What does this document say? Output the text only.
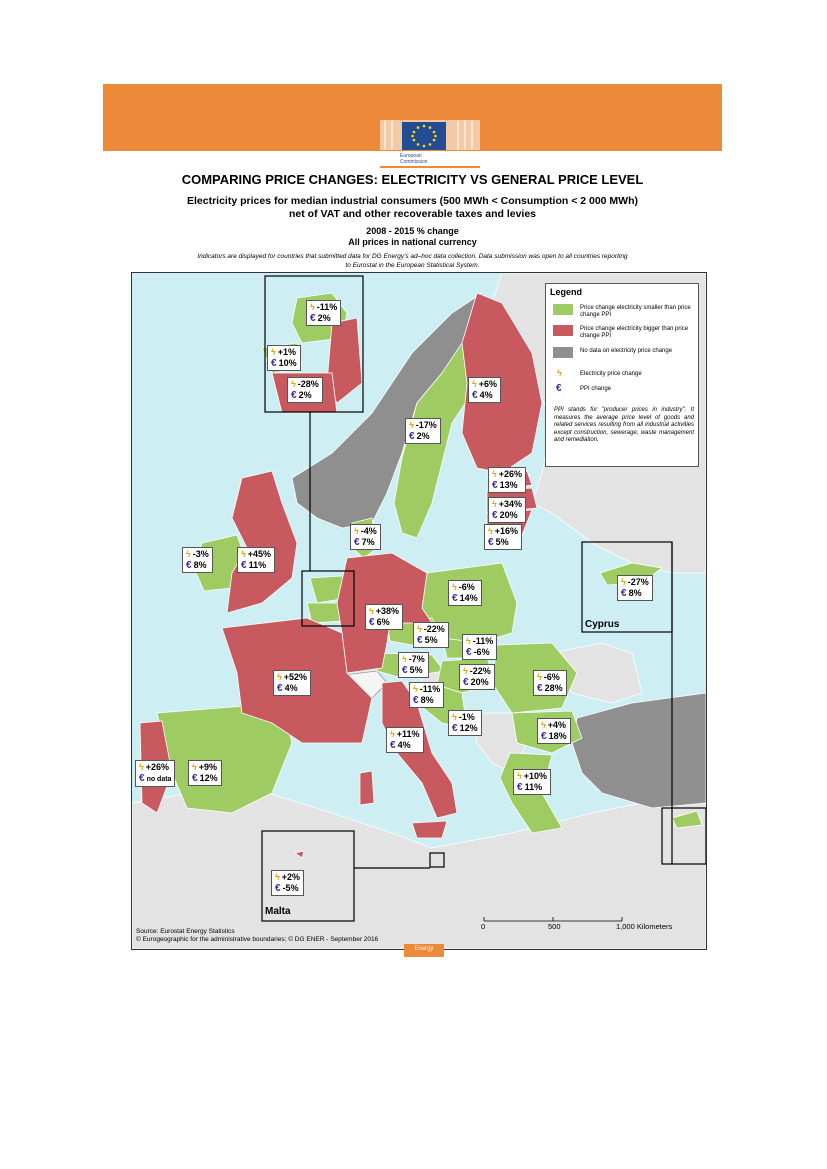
European
Commission
COMPARING PRICE CHANGES: ELECTRICITY VS GENERAL PRICE LEVEL
Electricity prices for median industrial consumers (500 MWh < Consumption < 2 000 MWh)
net of VAT and other recoverable taxes and levies
2008 - 2015 % change
All prices in national currency
Indicators are displayed for countries that submitted data for DG Energy's ad–hoc data collection. Data submission was open to all countries reporting
to Eurostat in the European Statistical System.
Legend
Price change electricity smaller than price change PPI
Price change electricity bigger than price change PPI
No data on electricity price change
ϟ	Electricity price change
€	PPI change
PPI stands for "producer prices in industry". It measures the average price level of goods and related services resulting from all industrial activities except construction, sewerage, waste management and remediation.
Cyprus
Malta
ϟ -11%
€ 2%
ϟ +1%
€ 10%
ϟ -28%
€ 2%
ϟ +6%
€ 4%
ϟ -17%
€ 2%
ϟ +26%
€ 13%
ϟ +34%
€ 20%
ϟ +16%
€ 5%
ϟ -4%
€ 7%
ϟ -3%
€ 8%
ϟ +45%
€ 11%
ϟ -6%
€ 14%
ϟ +38%
€ 6%
ϟ -22%
€ 5%	ϟ -11%
€ -6%
ϟ -7%
€ 5%	ϟ -22%
€ 20%	ϟ -6%
€ 28%
ϟ +52%
€ 4%	ϟ -11%
€ 8%
ϟ -1%
€ 12%
ϟ +11%
€ 4%
ϟ +4%
€ 18%
ϟ +26%
€ no data
ϟ +9%
€ 12%	ϟ +10%
€ 11%
ϟ -27%
€ 8%
ϟ +2%
€ -5%
0	500	1,000 Kilometers
Source: Eurostat Energy Statistics
© Eurogeographic for the administrative boundaries; © DG ENER - September 2016
Energy
